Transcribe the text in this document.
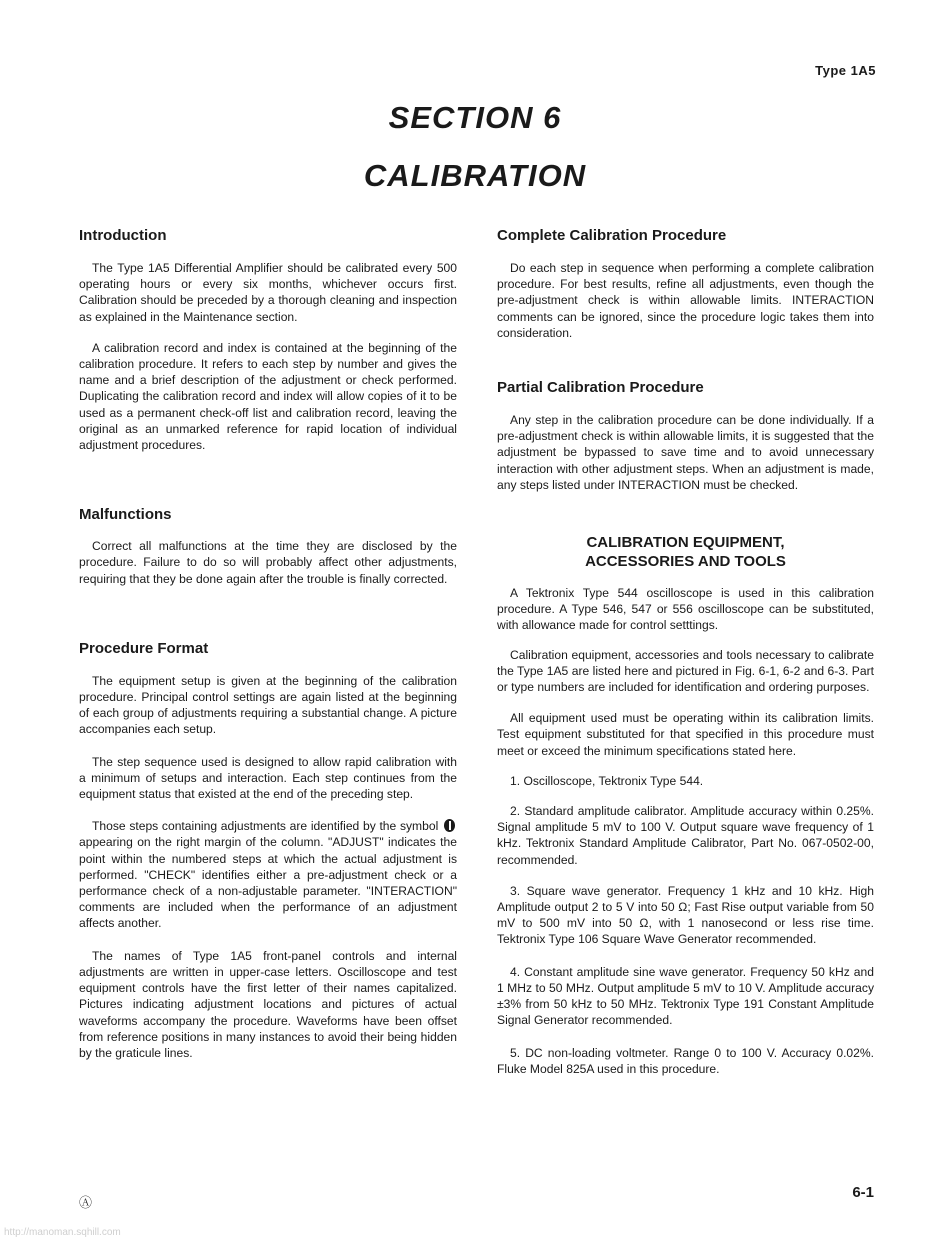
Type 1A5
SECTION 6
CALIBRATION
Introduction

The Type 1A5 Differential Amplifier should be calibrated every 500 operating hours or every six months, whichever occurs first. Calibration should be preceded by a thorough cleaning and inspection as explained in the Maintenance section.

A calibration record and index is contained at the beginning of the calibration procedure. It refers to each step by number and gives the name and a brief description of the adjustment or check performed. Duplicating the calibration record and index will allow copies of it to be used as a permanent check-off list and calibration record, leaving the original as an unmarked reference for rapid location of individual adjustment procedures.

Malfunctions

Correct all malfunctions at the time they are disclosed by the procedure. Failure to do so will probably affect other adjustments, requiring that they be done again after the trouble is finally corrected.

Procedure Format

The equipment setup is given at the beginning of the calibration procedure. Principal control settings are again listed at the beginning of each group of adjustments requiring a substantial change. A picture accompanies each setup.

The step sequence used is designed to allow rapid calibration with a minimum of setups and interaction. Each step continues from the equipment status that existed at the end of the preceding step.

Those steps containing adjustments are identified by the symbol  appearing on the right margin of the column. "ADJUST" indicates the point within the numbered steps at which the actual adjustment is performed. "CHECK" identifies either a pre-adjustment check or a performance check of a non-adjustable parameter. "INTERACTION" comments are included when the performance of an adjustment affects another.

The names of Type 1A5 front-panel controls and internal adjustments are written in upper-case letters. Oscilloscope and test equipment controls have the first letter of their names capitalized. Pictures indicating adjustment locations and pictures of actual waveforms accompany the procedure. Waveforms have been offset from reference positions in many instances to avoid their being hidden by the graticule lines.

Complete Calibration Procedure

Do each step in sequence when performing a complete calibration procedure. For best results, refine all adjustments, even though the pre-adjustment check is within allowable limits. INTERACTION comments can be ignored, since the procedure logic takes them into consideration.

Partial Calibration Procedure

Any step in the calibration procedure can be done individually. If a pre-adjustment check is within allowable limits, it is suggested that the adjustment be bypassed to save time and to avoid unnecessary interaction with other adjustment steps. When an adjustment is made, any steps listed under INTERACTION must be checked.

CALIBRATION EQUIPMENT,
ACCESSORIES AND TOOLS

A Tektronix Type 544 oscilloscope is used in this calibration procedure. A Type 546, 547 or 556 oscilloscope can be substituted, with allowance made for control setttings.

Calibration equipment, accessories and tools necessary to calibrate the Type 1A5 are listed here and pictured in Fig. 6-1, 6-2 and 6-3. Part or type numbers are included for identification and ordering purposes.

All equipment used must be operating within its calibration limits. Test equipment substituted for that specified in this procedure must meet or exceed the minimum specifications stated here.

1. Oscilloscope, Tektronix Type 544.

2. Standard amplitude calibrator. Amplitude accuracy within 0.25%. Signal amplitude 5 mV to 100 V. Output square wave frequency of 1 kHz. Tektronix Standard Amplitude Calibrator, Part No. 067-0502-00, recommended.

3. Square wave generator. Frequency 1 kHz and 10 kHz. High Amplitude output 2 to 5 V into 50 Ω; Fast Rise output variable from 50 mV to 500 mV into 50 Ω, with 1 nanosecond or less rise time. Tektronix Type 106 Square Wave Generator recommended.

4. Constant amplitude sine wave generator. Frequency 50 kHz and 1 MHz to 50 MHz. Output amplitude 5 mV to 10 V. Amplitude accuracy ±3% from 50 kHz to 50 MHz. Tektronix Type 191 Constant Amplitude Signal Generator recommended.

5. DC non-loading voltmeter. Range 0 to 100 V. Accuracy 0.02%. Fluke Model 825A used in this procedure.

Ⓐ
6-1
http://manoman.sqhill.com
